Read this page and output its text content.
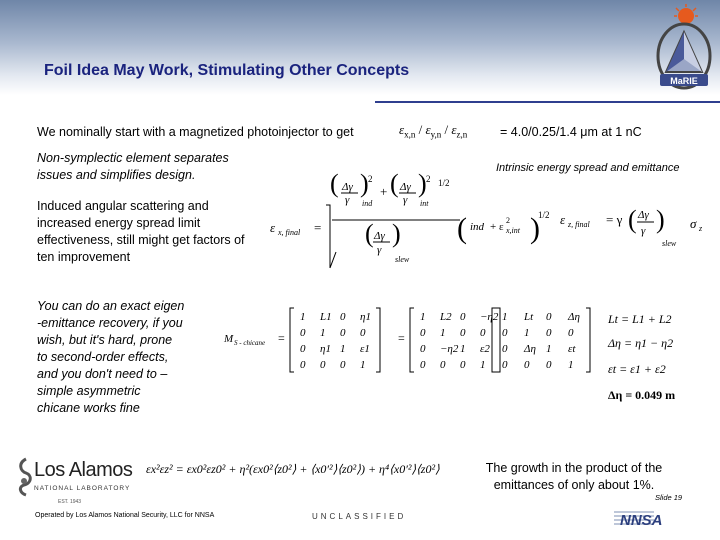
MaRIE
Foil Idea May Work, Stimulating Other Concepts
We nominally start with a magnetized photoinjector to get	$\varepsilon_{x,n} / \varepsilon_{y,n} / \varepsilon_{z,n}$	= 4.0/0.25/1.4 μm at 1 nC
Non-symplectic element separates
issues and simplifies design.	Intrinsic energy spread and emittance
Induced angular scattering and
increased energy spread limit
effectiveness, still might get factors of
ten improvement
ε x, final =
( Δγ
γ
) 2
ind
+ ( Δγ
γ
) 2
int
1/2
( Δγ
γ
)
slew
( ind + ε
2
x,int )
1/2 ε z, final = γ ( Δγ
γ )
slew
σ z
You can do an exact eigen
-emittance recovery, if you
wish, but it's hard, prone
to second-order effects,
and you don't need to –
simple asymmetric
chicane works fine
M S - chicane =
1 L1 0 η1
0 1 0 0
0 η1 1 ε1
0 0 0 1
1 L2 0 −η2
0 1 0 0
0 −η2 1 ε2
0 0 0 1
=
Lt = L1 + L2
Δη = η1 − η2
εt = ε1 + ε2
Δη = 0.049 m
εx²εz² = εx0²εz0² + η²(εx0²⟨z0²⟩ + ⟨x0′²⟩⟨z0²⟩) + η⁴⟨x0′²⟩⟨z0²⟩	The growth in the product of the
emittances of only about 1%.
Los Alamos
NATIONAL LABORATORY
EST. 1943	Slide 19
Operated by Los Alamos National Security, LLC for NNSA	UNCLASSIFIED	NNSA
1 Lt 0 Δη
0 1 0 0
0 Δη 1 εt
0 0 0 1
